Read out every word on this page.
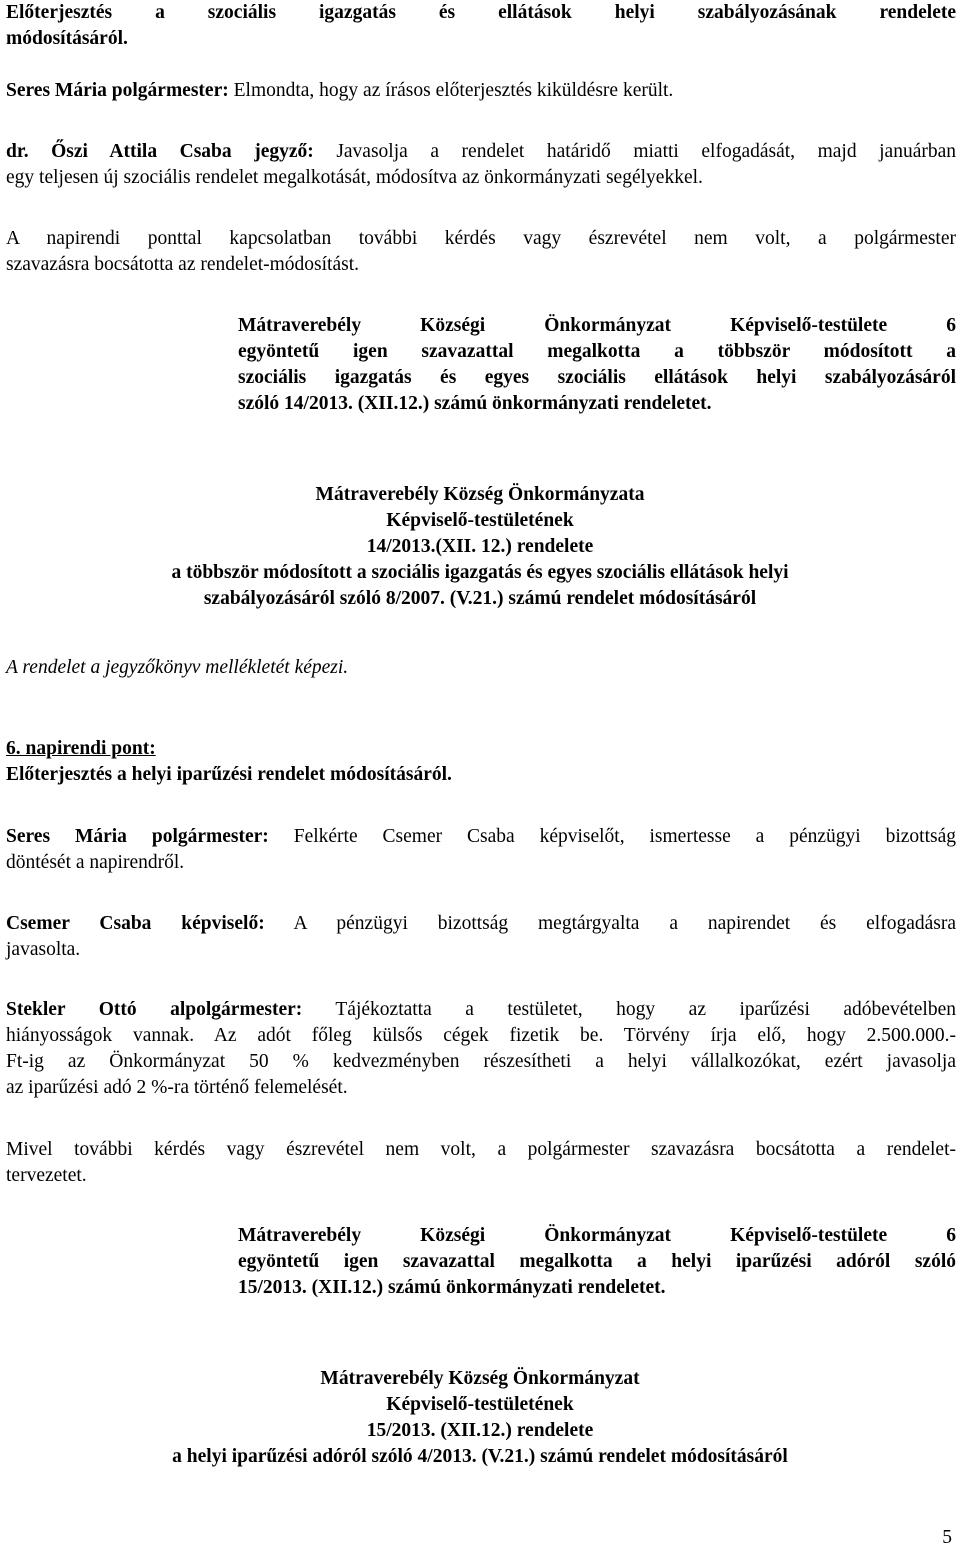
Előterjesztés a szociális igazgatás és ellátások helyi szabályozásának rendelete
módosításáról.
Seres Mária polgármester: Elmondta, hogy az írásos előterjesztés kiküldésre került.
dr. Őszi Attila Csaba jegyző: Javasolja a rendelet határidő miatti elfogadását, majd januárban
egy teljesen új szociális rendelet megalkotását, módosítva az önkormányzati segélyekkel.
A napirendi ponttal kapcsolatban további kérdés vagy észrevétel nem volt, a polgármester
szavazásra bocsátotta az rendelet-módosítást.
Mátraverebély Községi Önkormányzat Képviselő-testülete 6
egyöntetű igen szavazattal megalkotta a többször módosított a
szociális igazgatás és egyes szociális ellátások helyi szabályozásáról
szóló 14/2013. (XII.12.) számú önkormányzati rendeletet.
Mátraverebély Község Önkormányzata
Képviselő-testületének
14/2013.(XII. 12.) rendelete
a többször módosított a szociális igazgatás és egyes szociális ellátások helyi
szabályozásáról szóló 8/2007. (V.21.) számú rendelet módosításáról
A rendelet a jegyzőkönyv mellékletét képezi.
6. napirendi pont:
Előterjesztés a helyi iparűzési rendelet módosításáról.
Seres Mária polgármester: Felkérte Csemer Csaba képviselőt, ismertesse a pénzügyi bizottság
döntését a napirendről.
Csemer Csaba képviselő: A pénzügyi bizottság megtárgyalta a napirendet és elfogadásra
javasolta.
Stekler Ottó alpolgármester: Tájékoztatta a testületet, hogy az iparűzési adóbevételben
hiányosságok vannak. Az adót főleg külsős cégek fizetik be. Törvény írja elő, hogy 2.500.000.-
Ft-ig az Önkormányzat 50 % kedvezményben részesítheti a helyi vállalkozókat, ezért javasolja
az iparűzési adó 2 %-ra történő felemelését.
Mivel további kérdés vagy észrevétel nem volt, a polgármester szavazásra bocsátotta a rendelet-
tervezetet.
Mátraverebély Községi Önkormányzat Képviselő-testülete 6
egyöntetű igen szavazattal megalkotta a helyi iparűzési adóról szóló
15/2013. (XII.12.) számú önkormányzati rendeletet.
Mátraverebély Község Önkormányzat
Képviselő-testületének
15/2013. (XII.12.) rendelete
a helyi iparűzési adóról szóló 4/2013. (V.21.) számú rendelet módosításáról
5
